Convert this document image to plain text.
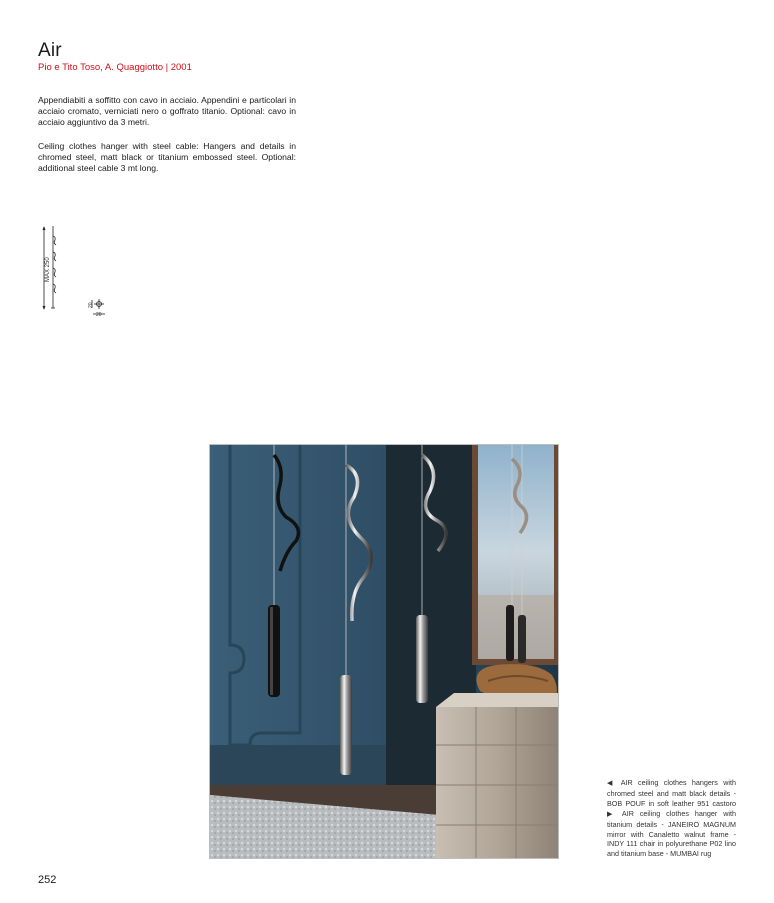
Air
Pio e Tito Toso, A. Quaggiotto | 2001
Appendiabiti a soffitto con cavo in acciaio. Appendini e particolari in acciaio cromato, verniciati nero o goffrato titanio. Optional: cavo in acciaio aggiuntivo da 3 metri.
Ceiling clothes hanger with steel cable: Hangers and details in chromed steel, matt black or titanium embossed steel. Optional: additional steel cable 3 mt long.
MAX 250
20
20
◀ AIR ceiling clothes hangers with chromed steel and matt black details - BOB POUF in soft leather 951 castoro ▶ AIR ceiling clothes hanger with titanium details - JANEIRO MAGNUM mirror with Canaletto walnut frame - INDY 111 chair in polyurethane P02 lino and titanium base - MUMBAI rug
252
